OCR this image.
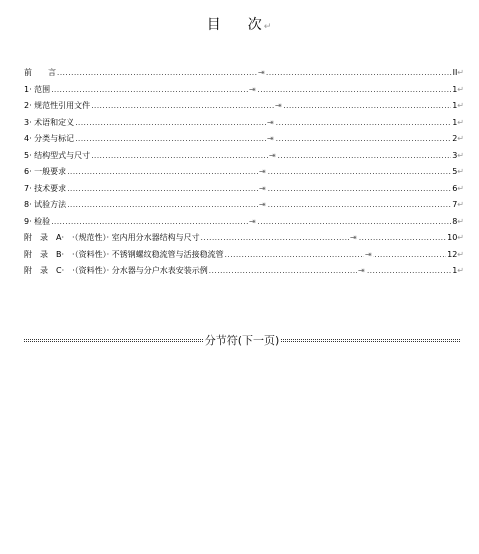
目 次↵
前　　言 .....	II ↵
⇥
1· 范围 .....	1 ↵
⇥
2· 规范性引用文件 .....	1 ↵
⇥
3· 术语和定义 .....	1 ↵
⇥
4· 分类与标记 .....	2 ↵
⇥
5· 结构型式与尺寸 .....	3 ↵
⇥
6· 一般要求 .....	5 ↵
⇥
7· 技术要求 .....	6 ↵
⇥
8· 试验方法 .....	7 ↵
⇥
9· 检验 .....	8 ↵
⇥
附　录　A·　·（规范性）· 室内用分水器结构与尺寸 .....	10 ↵
⇥
附　录　B·　·（资料性）· 不锈钢螺纹稳流管与活接稳流管 .....	12 ↵
⇥
附　录　C·　·（资料性）· 分水器与分户水表安装示例 .....	1 ↵
⇥
分节符(下一页)
